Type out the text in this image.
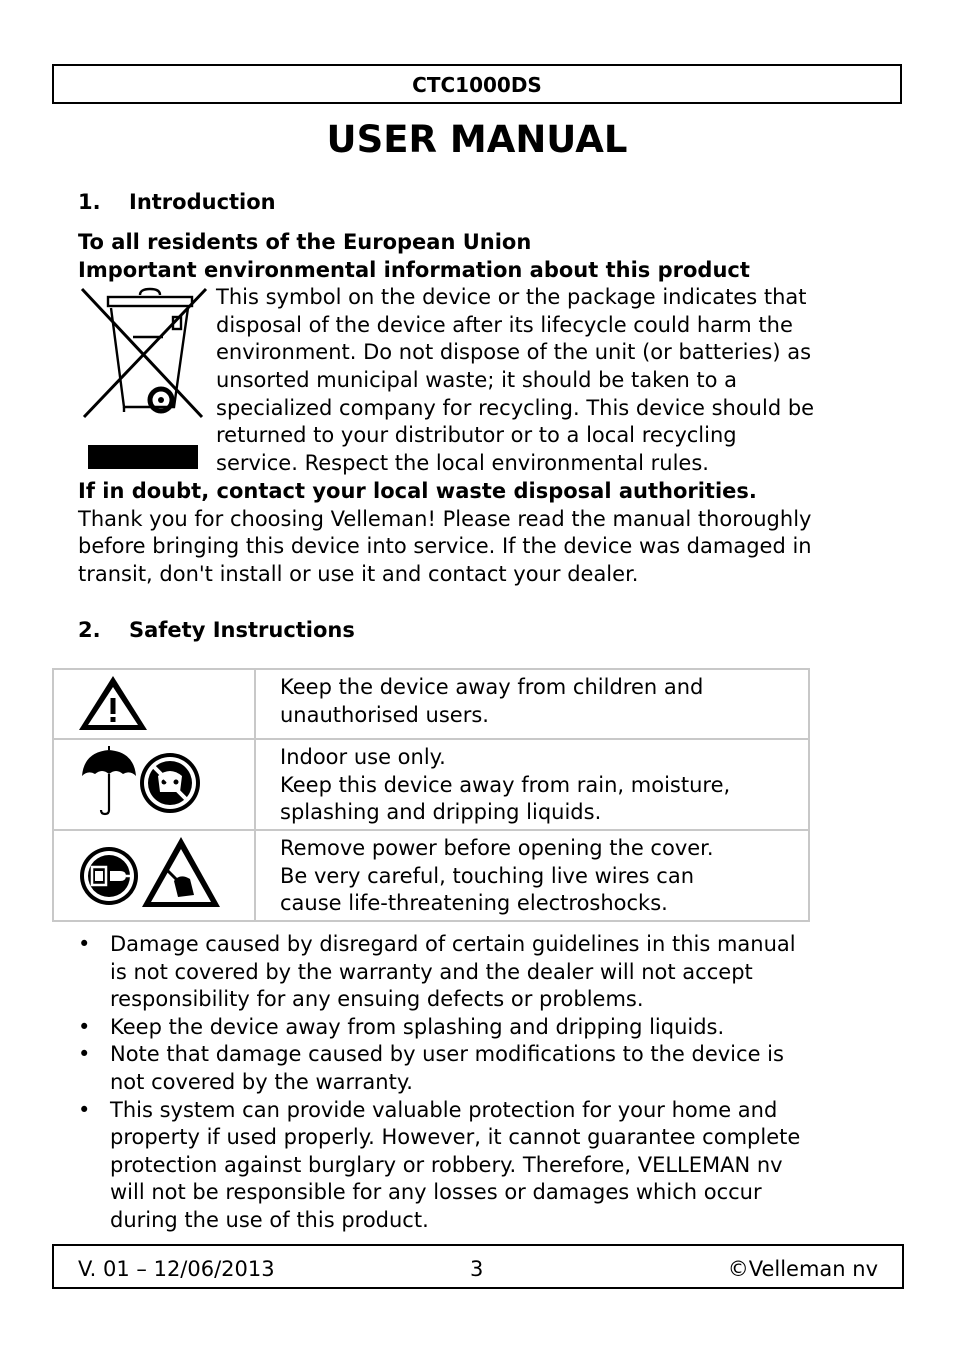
CTC1000DS
USER MANUAL
1. Introduction
To all residents of the European Union
Important environmental information about this product
This symbol on the device or the package indicates that
disposal of the device after its lifecycle could harm the
environment. Do not dispose of the unit (or batteries) as
unsorted municipal waste; it should be taken to a
specialized company for recycling. This device should be
returned to your distributor or to a local recycling
service. Respect the local environmental rules.
If in doubt, contact your local waste disposal authorities.
Thank you for choosing Velleman! Please read the manual thoroughly
before bringing this device into service. If the device was damaged in
transit, don't install or use it and contact your dealer.
2. Safety Instructions

Keep the device away from children and
unauthorised users.

Indoor use only.
Keep this device away from rain, moisture,
splashing and dripping liquids.

Remove power before opening the cover.
Be very careful, touching live wires can
cause life-threatening electroshocks.
• Damage caused by disregard of certain guidelines in this manual
is not covered by the warranty and the dealer will not accept
responsibility for any ensuing defects or problems.
• Keep the device away from splashing and dripping liquids.
• Note that damage caused by user modifications to the device is
not covered by the warranty.
• This system can provide valuable protection for your home and
property if used properly. However, it cannot guarantee complete
protection against burglary or robbery. Therefore, VELLEMAN nv
will not be responsible for any losses or damages which occur
during the use of this product.
V. 01 – 12/06/2013	3	©Velleman nv
